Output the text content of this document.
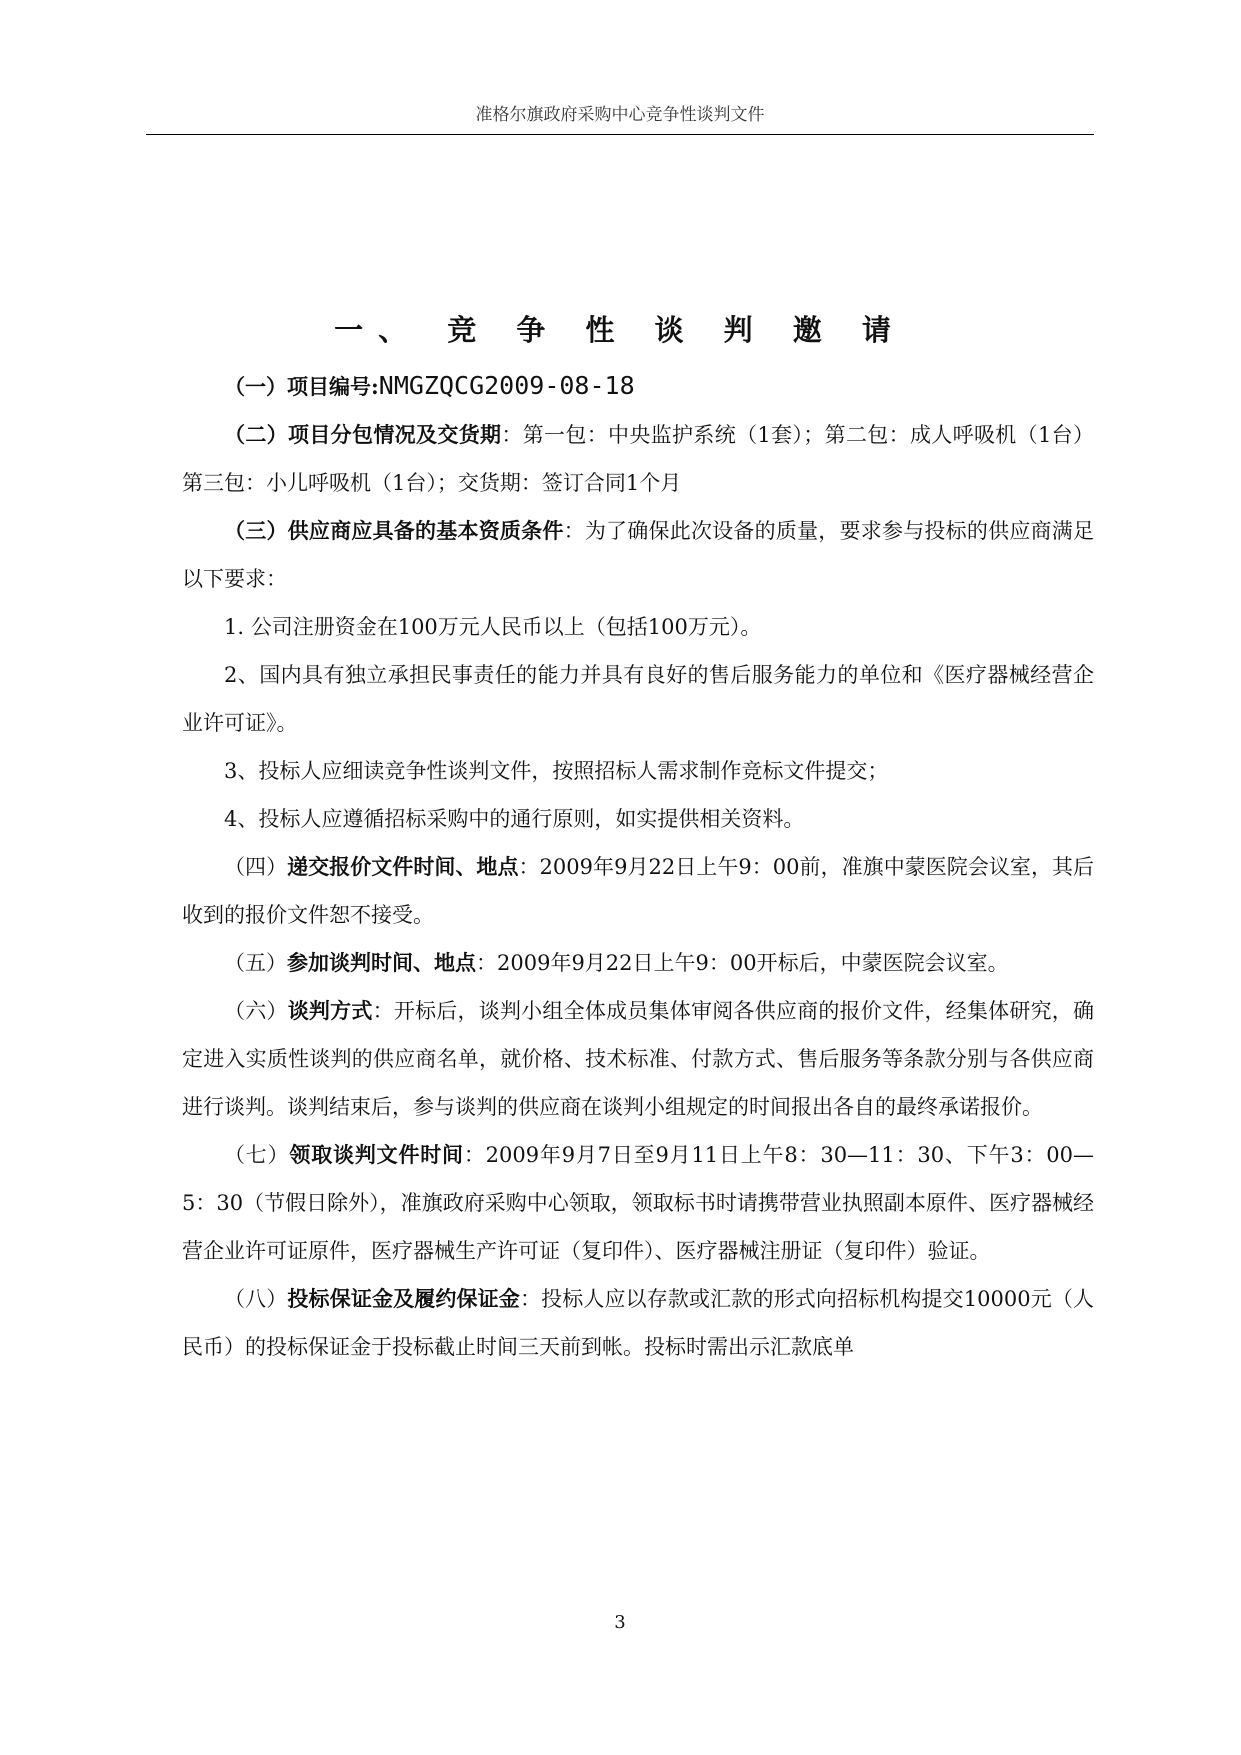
准格尔旗政府采购中心竞争性谈判文件
一、 竞 争 性 谈 判 邀 请

（一）项目编号:NMGZQCG2009-08-18

（二）项目分包情况及交货期：第一包：中央监护系统（1套）；第二包：成人呼吸机（1台）第三包：小儿呼吸机（1台）；交货期：签订合同1个月

（三）供应商应具备的基本资质条件：为了确保此次设备的质量，要求参与投标的供应商满足以下要求：

1. 公司注册资金在100万元人民币以上（包括100万元）。

2、国内具有独立承担民事责任的能力并具有良好的售后服务能力的单位和《医疗器械经营企业许可证》。

3、投标人应细读竞争性谈判文件，按照招标人需求制作竞标文件提交；

4、投标人应遵循招标采购中的通行原则，如实提供相关资料。

（四）递交报价文件时间、地点：2009年9月22日上午9：00前，准旗中蒙医院会议室，其后收到的报价文件恕不接受。

（五）参加谈判时间、地点：2009年9月22日上午9：00开标后，中蒙医院会议室。

（六）谈判方式：开标后，谈判小组全体成员集体审阅各供应商的报价文件，经集体研究，确定进入实质性谈判的供应商名单，就价格、技术标准、付款方式、售后服务等条款分别与各供应商进行谈判。谈判结束后，参与谈判的供应商在谈判小组规定的时间报出各自的最终承诺报价。

（七）领取谈判文件时间：2009年9月7日至9月11日上午8：30—11：30、下午3：00—5：30（节假日除外），准旗政府采购中心领取，领取标书时请携带营业执照副本原件、医疗器械经营企业许可证原件，医疗器械生产许可证（复印件）、医疗器械注册证（复印件）验证。

（八）投标保证金及履约保证金：投标人应以存款或汇款的形式向招标机构提交10000元（人民币）的投标保证金于投标截止时间三天前到帐。投标时需出示汇款底单

3
